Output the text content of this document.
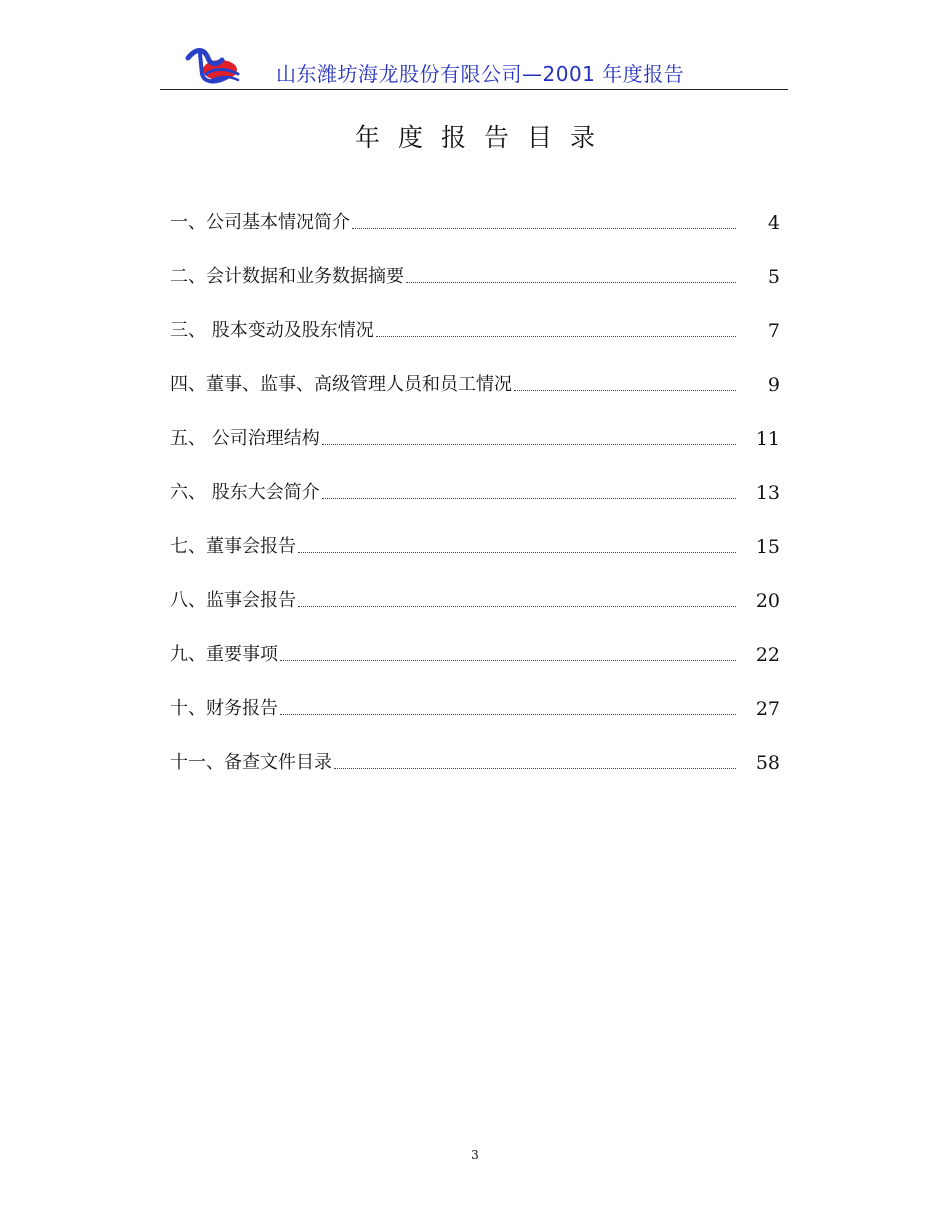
山东潍坊海龙股份有限公司—2001 年度报告
年度报告目录
一、公司基本情况简介	4
二、会计数据和业务数据摘要	5
三、 股本变动及股东情况	7
四、董事、监事、高级管理人员和员工情况	9
五、 公司治理结构	11
六、 股东大会简介	13
七、董事会报告	15
八、监事会报告	20
九、重要事项	22
十、财务报告	27
十一、备查文件目录	58
3
